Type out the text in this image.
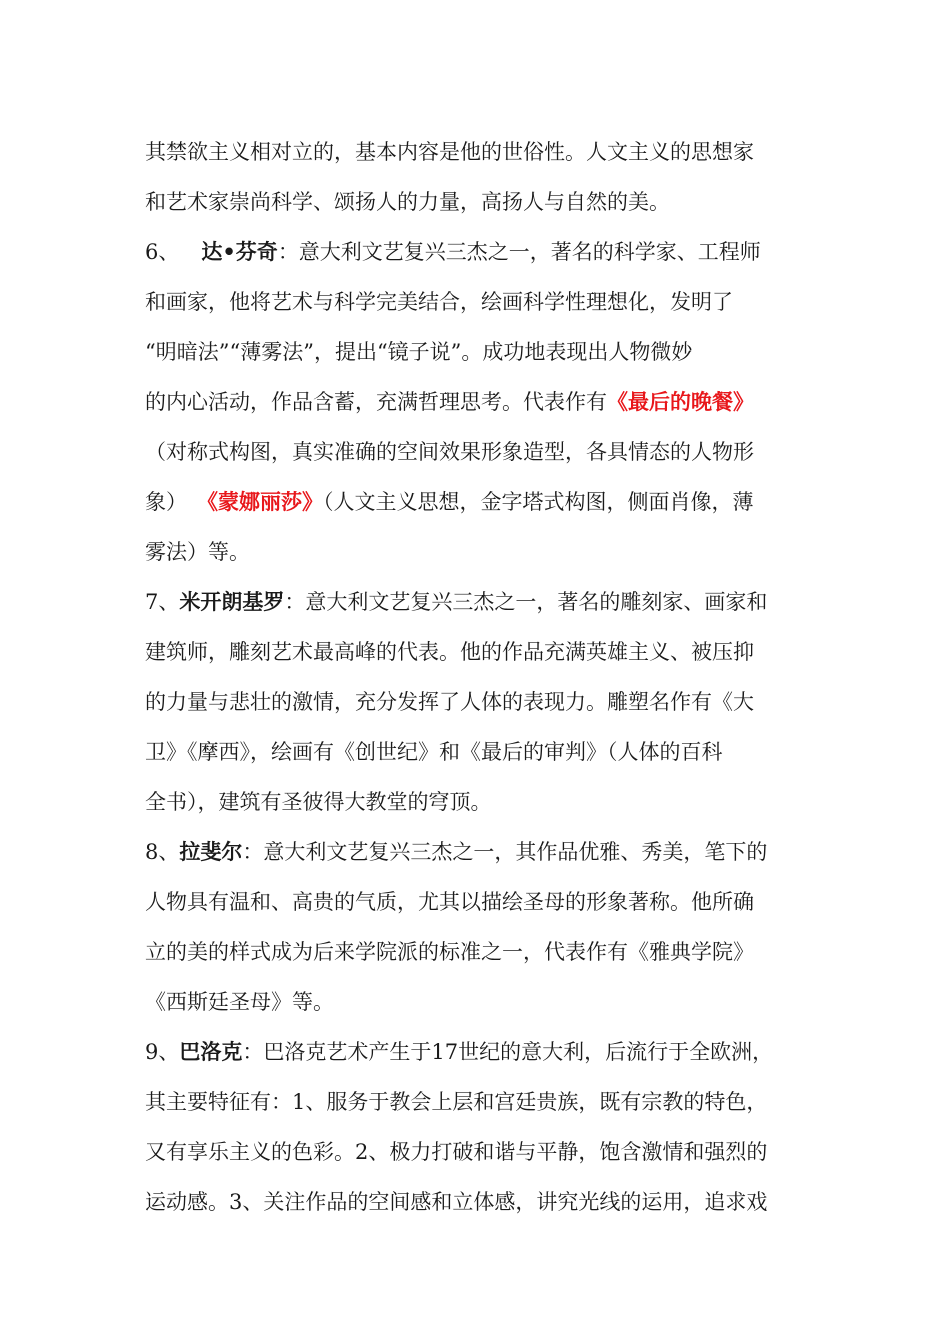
其禁欲主义相对立的，基本内容是他的世俗性。人文主义的思想家
和艺术家崇尚科学、颂扬人的力量，高扬人与自然的美。
6、 达•芬奇：意大利文艺复兴三杰之一，著名的科学家、工程师
和画家，他将艺术与科学完美结合，绘画科学性理想化，发明了
“明暗法”“薄雾法”，提出“镜子说”。成功地表现出人物微妙
的内心活动，作品含蓄，充满哲理思考。代表作有《最后的晚餐》
（对称式构图，真实准确的空间效果形象造型，各具情态的人物形
象） 《蒙娜丽莎》（人文主义思想，金字塔式构图，侧面肖像，薄
雾法）等。
7、米开朗基罗：意大利文艺复兴三杰之一，著名的雕刻家、画家和
建筑师，雕刻艺术最高峰的代表。他的作品充满英雄主义、被压抑
的力量与悲壮的激情，充分发挥了人体的表现力。雕塑名作有《大
卫》《摩西》，绘画有《创世纪》和《最后的审判》（人体的百科
全书），建筑有圣彼得大教堂的穹顶。
8、拉斐尔：意大利文艺复兴三杰之一，其作品优雅、秀美，笔下的
人物具有温和、高贵的气质，尤其以描绘圣母的形象著称。他所确
立的美的样式成为后来学院派的标准之一，代表作有《雅典学院》
《西斯廷圣母》等。
9、巴洛克：巴洛克艺术产生于17世纪的意大利，后流行于全欧洲，
其主要特征有：1、服务于教会上层和宫廷贵族，既有宗教的特色，
又有享乐主义的色彩。2、极力打破和谐与平静，饱含激情和强烈的
运动感。3、关注作品的空间感和立体感，讲究光线的运用，追求戏
